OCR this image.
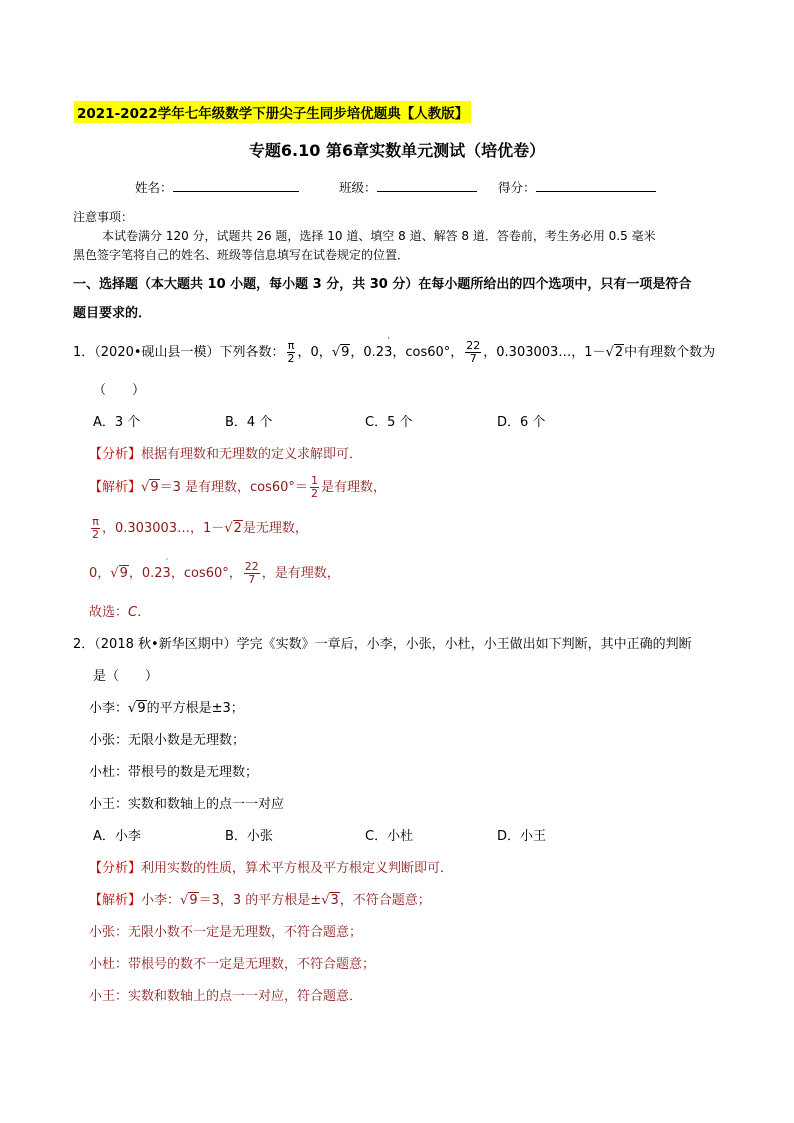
2021-2022学年七年级数学下册尖子生同步培优题典【人教版】
专题6.10 第6章实数单元测试（培优卷）
姓名：	班级：	得分：
注意事项：
本试卷满分 120 分，试题共 26 题，选择 10 道、填空 8 道、解答 8 道．答卷前，考生务必用 0.5 毫米
黑色签字笔将自己的姓名、班级等信息填写在试卷规定的位置．
一、选择题（本大题共 10 小题，每小题 3 分，共 30 分）在每小题所给出的四个选项中，只有一项是符合
题目要求的．
1．（2020•砚山县一模）下列各数： $\frac{\pi}{2}$ ，0，√9，0.23
˙
，cos60°， $\frac{22}{7}$ ，0.303003…，1－√2中有理数个数为
（　　）
A．3 个	B．4 个	C．5 个	D．6 个
【分析】根据有理数和无理数的定义求解即可．
【解析】√9＝3 是有理数，$\cos 60^\circ= \frac{1}{2}$ 是有理数，
$\frac{\pi}{2}$ ，0.303003…，1－√2是无理数，
0，√9，0.23
˙
，cos60°， $\frac{22}{7}$ ，是有理数，
故选：C．
2．（2018 秋•新华区期中）学完《实数》一章后，小李，小张，小杜，小王做出如下判断，其中正确的判断
是（　　）
小李：√9的平方根是±3；
小张：无限小数是无理数；
小杜：带根号的数是无理数；
小王：实数和数轴上的点一一对应
A．小李	B．小张	C．小杜	D．小王
【分析】利用实数的性质，算术平方根及平方根定义判断即可．
【解析】小李：√9＝3，3 的平方根是±√3，不符合题意；
小张：无限小数不一定是无理数，不符合题意；
小杜：带根号的数不一定是无理数，不符合题意；
小王：实数和数轴上的点一一对应，符合题意．
